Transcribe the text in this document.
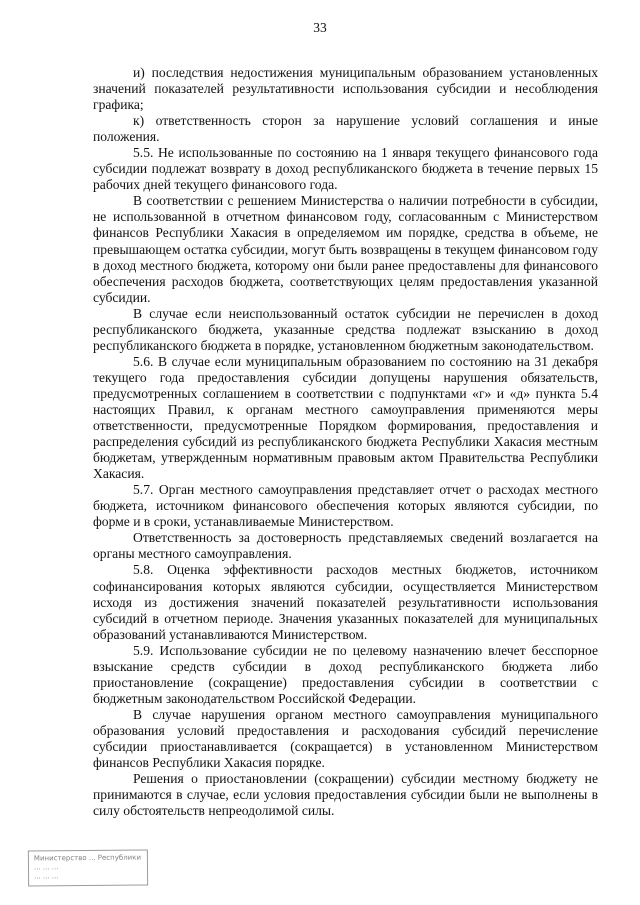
33

и) последствия недостижения муниципальным образованием установленных значений показателей результативности использования субсидии и несоблюдения графика;

к) ответственность сторон за нарушение условий соглашения и иные положения.

5.5. Не использованные по состоянию на 1 января текущего финансового года субсидии подлежат возврату в доход республиканского бюджета в течение первых 15 рабочих дней текущего финансового года.

В соответствии с решением Министерства о наличии потребности в субсидии, не использованной в отчетном финансовом году, согласованным с Министерством финансов Республики Хакасия в определяемом им порядке, средства в объеме, не превышающем остатка субсидии, могут быть возвращены в текущем финансовом году в доход местного бюджета, которому они были ранее предоставлены для финансового обеспечения расходов бюджета, соответствующих целям предоставления указанной субсидии.

В случае если неиспользованный остаток субсидии не перечислен в доход республиканского бюджета, указанные средства подлежат взысканию в доход республиканского бюджета в порядке, установленном бюджетным законодательством.

5.6. В случае если муниципальным образованием по состоянию на 31 декабря текущего года предоставления субсидии допущены нарушения обязательств, предусмотренных соглашением в соответствии с подпунктами «г» и «д» пункта 5.4 настоящих Правил, к органам местного самоуправления применяются меры ответственности, предусмотренные Порядком формирования, предоставления и распределения субсидий из республиканского бюджета Республики Хакасия местным бюджетам, утвержденным нормативным правовым актом Правительства Республики Хакасия.

5.7. Орган местного самоуправления представляет отчет о расходах местного бюджета, источником финансового обеспечения которых являются субсидии, по форме и в сроки, устанавливаемые Министерством.

Ответственность за достоверность представляемых сведений возлагается на органы местного самоуправления.

5.8. Оценка эффективности расходов местных бюджетов, источником софинансирования которых являются субсидии, осуществляется Министерством исходя из достижения значений показателей результативности использования субсидий в отчетном периоде. Значения указанных показателей для муниципальных образований устанавливаются Министерством.

5.9. Использование субсидии не по целевому назначению влечет бесспорное взыскание средств субсидии в доход республиканского бюджета либо приостановление (сокращение) предоставления субсидии в соответствии с бюджетным законодательством Российской Федерации.

В случае нарушения органом местного самоуправления муниципального образования условий предоставления и расходования субсидий перечисление субсидии приостанавливается (сокращается) в установленном Министерством финансов Республики Хакасия порядке.

Решения о приостановлении (сокращении) субсидии местному бюджету не принимаются в случае, если условия предоставления субсидии были не выполнены в силу обстоятельств непреодолимой силы.

Министерство ... Республики
... ... ...
... ... ...
